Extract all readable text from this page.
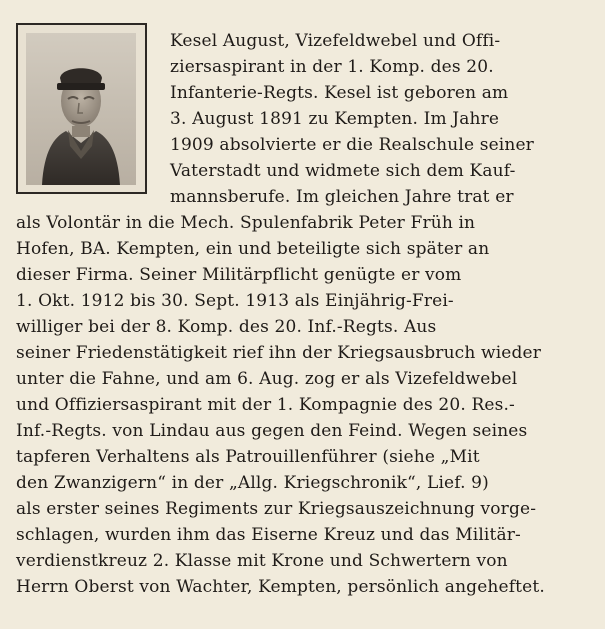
Kesel August, Vizefeldwebel und Offi-
ziersaspirant in der 1. Komp. des 20.
Infanterie-Regts. Kesel ist geboren am
3. August 1891 zu Kempten. Im Jahre
1909 absolvierte er die Realschule seiner
Vaterstadt und widmete sich dem Kauf-
mannsberufe. Im gleichen Jahre trat er
als Volontär in die Mech. Spulenfabrik Peter Früh in
Hofen, BA. Kempten, ein und beteiligte sich später an
dieser Firma. Seiner Militärpflicht genügte er vom
1. Okt. 1912 bis 30. Sept. 1913 als Einjährig-Frei-
williger bei der 8. Komp. des 20. Inf.-Regts. Aus
seiner Friedenstätigkeit rief ihn der Kriegsausbruch wieder
unter die Fahne, und am 6. Aug. zog er als Vizefeldwebel
und Offiziersaspirant mit der 1. Kompagnie des 20. Res.-
Inf.-Regts. von Lindau aus gegen den Feind. Wegen seines
tapferen Verhaltens als Patrouillenführer (siehe „Mit
den Zwanzigern“ in der „Allg. Kriegschronik“, Lief. 9)
als erster seines Regiments zur Kriegsauszeichnung vorge-
schlagen, wurden ihm das Eiserne Kreuz und das Militär-
verdienstkreuz 2. Klasse mit Krone und Schwertern von
Herrn Oberst von Wachter, Kempten, persönlich angeheftet.
